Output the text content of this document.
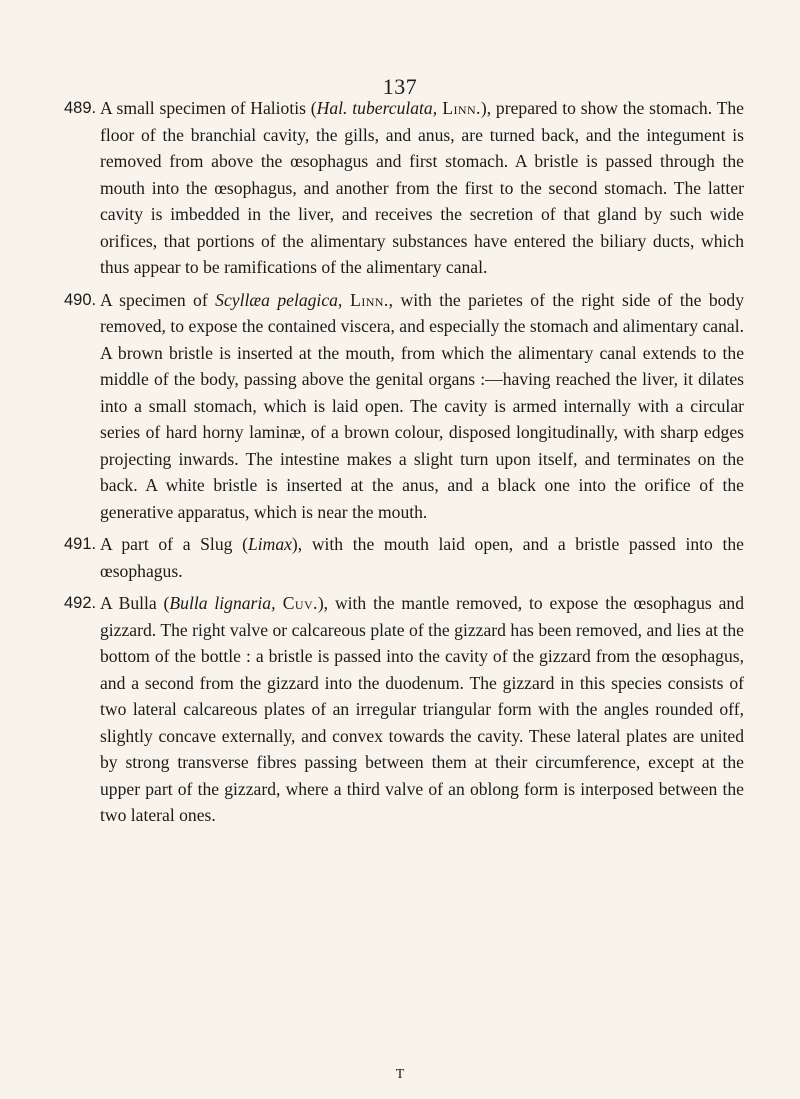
137
489. A small specimen of Haliotis (Hal. tuberculata, Linn.), prepared to show the stomach. The floor of the branchial cavity, the gills, and anus, are turned back, and the integument is removed from above the œsophagus and first stomach. A bristle is passed through the mouth into the œsophagus, and another from the first to the second stomach. The latter cavity is imbedded in the liver, and receives the secretion of that gland by such wide orifices, that portions of the alimentary substances have entered the biliary ducts, which thus appear to be ramifications of the alimentary canal.
490. A specimen of Scyllæa pelagica, Linn., with the parietes of the right side of the body removed, to expose the contained viscera, and especially the stomach and alimentary canal. A brown bristle is inserted at the mouth, from which the alimentary canal extends to the middle of the body, passing above the genital organs :—having reached the liver, it dilates into a small stomach, which is laid open. The cavity is armed internally with a circular series of hard horny laminæ, of a brown colour, disposed longitudinally, with sharp edges projecting inwards. The intestine makes a slight turn upon itself, and terminates on the back. A white bristle is inserted at the anus, and a black one into the orifice of the generative apparatus, which is near the mouth.
491. A part of a Slug (Limax), with the mouth laid open, and a bristle passed into the œsophagus.
492. A Bulla (Bulla lignaria, Cuv.), with the mantle removed, to expose the œsophagus and gizzard. The right valve or calcareous plate of the gizzard has been removed, and lies at the bottom of the bottle : a bristle is passed into the cavity of the gizzard from the œsophagus, and a second from the gizzard into the duodenum. The gizzard in this species consists of two lateral calcareous plates of an irregular triangular form with the angles rounded off, slightly concave externally, and convex towards the cavity. These lateral plates are united by strong transverse fibres passing between them at their circumference, except at the upper part of the gizzard, where a third valve of an oblong form is interposed between the two lateral ones.
T
